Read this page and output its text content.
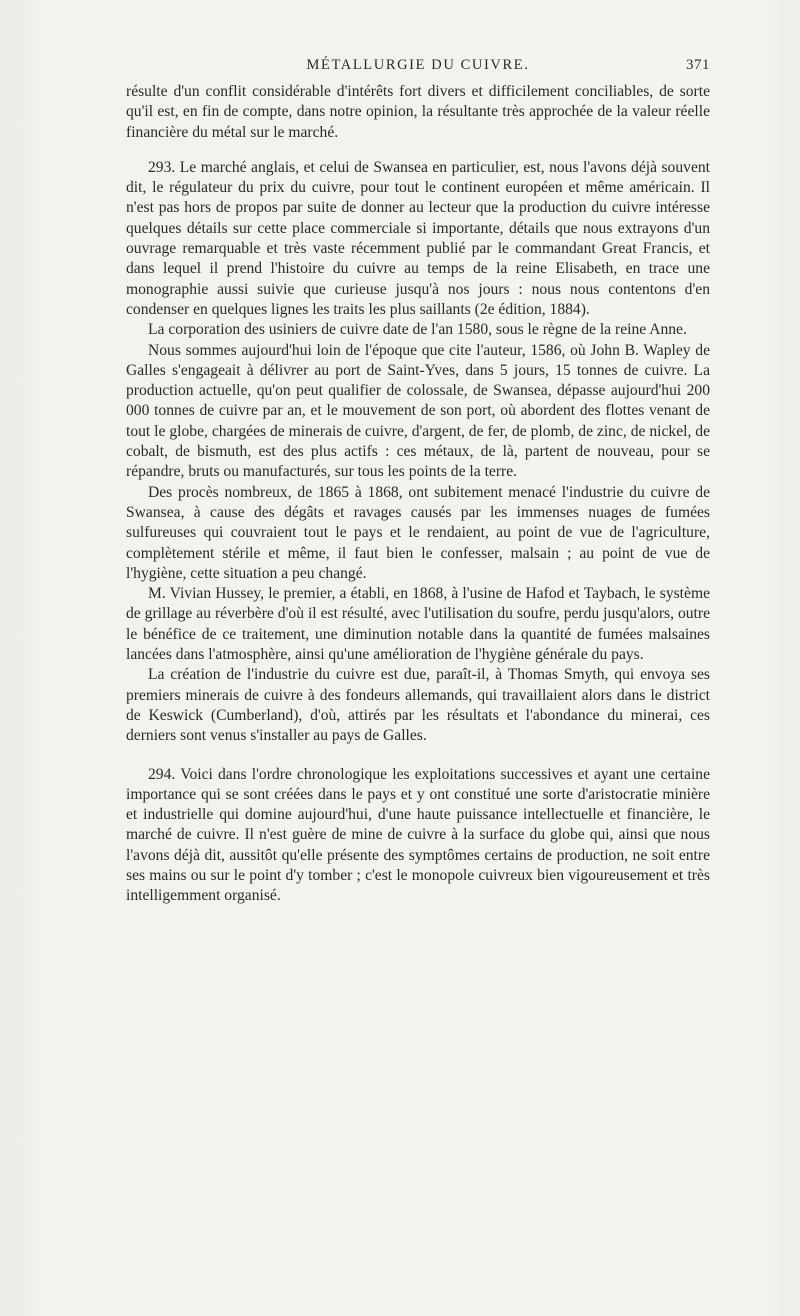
MÉTALLURGIE DU CUIVRE.	371

résulte d'un conflit considérable d'intérêts fort divers et difficilement conciliables, de sorte qu'il est, en fin de compte, dans notre opinion, la résultante très approchée de la valeur réelle financière du métal sur le marché.

293. Le marché anglais, et celui de Swansea en particulier, est, nous l'avons déjà souvent dit, le régulateur du prix du cuivre, pour tout le continent européen et même américain. Il n'est pas hors de propos par suite de donner au lecteur que la production du cuivre intéresse quelques détails sur cette place commerciale si importante, détails que nous extrayons d'un ouvrage remarquable et très vaste récemment publié par le commandant Great Francis, et dans lequel il prend l'histoire du cuivre au temps de la reine Elisabeth, en trace une monographie aussi suivie que curieuse jusqu'à nos jours : nous nous contentons d'en condenser en quelques lignes les traits les plus saillants (2e édition, 1884).

La corporation des usiniers de cuivre date de l'an 1580, sous le règne de la reine Anne.

Nous sommes aujourd'hui loin de l'époque que cite l'auteur, 1586, où John B. Wapley de Galles s'engageait à délivrer au port de Saint-Yves, dans 5 jours, 15 tonnes de cuivre. La production actuelle, qu'on peut qualifier de colossale, de Swansea, dépasse aujourd'hui 200 000 tonnes de cuivre par an, et le mouvement de son port, où abordent des flottes venant de tout le globe, chargées de minerais de cuivre, d'argent, de fer, de plomb, de zinc, de nickel, de cobalt, de bismuth, est des plus actifs : ces métaux, de là, partent de nouveau, pour se répandre, bruts ou manufacturés, sur tous les points de la terre.

Des procès nombreux, de 1865 à 1868, ont subitement menacé l'industrie du cuivre de Swansea, à cause des dégâts et ravages causés par les immenses nuages de fumées sulfureuses qui couvraient tout le pays et le rendaient, au point de vue de l'agriculture, complètement stérile et même, il faut bien le confesser, malsain ; au point de vue de l'hygiène, cette situation a peu changé.

M. Vivian Hussey, le premier, a établi, en 1868, à l'usine de Hafod et Taybach, le système de grillage au réverbère d'où il est résulté, avec l'utilisation du soufre, perdu jusqu'alors, outre le bénéfice de ce traitement, une diminution notable dans la quantité de fumées malsaines lancées dans l'atmosphère, ainsi qu'une amélioration de l'hygiène générale du pays.

La création de l'industrie du cuivre est due, paraît-il, à Thomas Smyth, qui envoya ses premiers minerais de cuivre à des fondeurs allemands, qui travaillaient alors dans le district de Keswick (Cumberland), d'où, attirés par les résultats et l'abondance du minerai, ces derniers sont venus s'installer au pays de Galles.

294. Voici dans l'ordre chronologique les exploitations successives et ayant une certaine importance qui se sont créées dans le pays et y ont constitué une sorte d'aristocratie minière et industrielle qui domine aujourd'hui, d'une haute puissance intellectuelle et financière, le marché de cuivre. Il n'est guère de mine de cuivre à la surface du globe qui, ainsi que nous l'avons déjà dit, aussitôt qu'elle présente des symptômes certains de production, ne soit entre ses mains ou sur le point d'y tomber ; c'est le monopole cuivreux bien vigoureusement et très intelligemment organisé.
